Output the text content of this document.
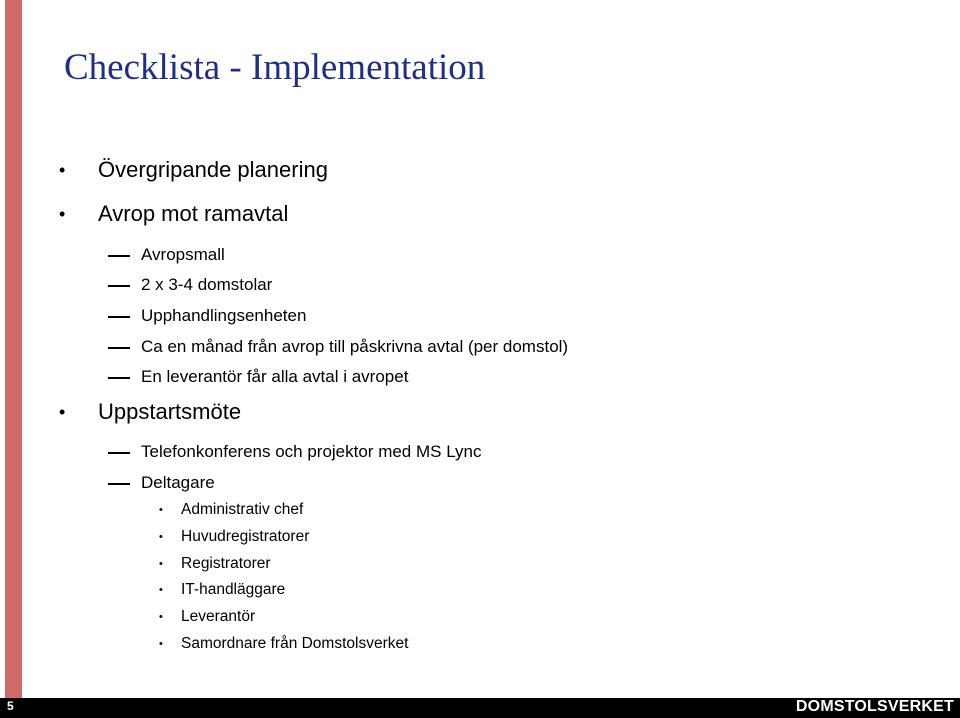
Checklista - Implementation
• Övergripande planering
• Avrop mot ramavtal
Avropsmall
2 x 3-4 domstolar
Upphandlingsenheten
Ca en månad från avrop till påskrivna avtal (per domstol)
En leverantör får alla avtal i avropet
• Uppstartsmöte
Telefonkonferens och projektor med MS Lync
Deltagare
• Administrativ chef
• Huvudregistratorer
• Registratorer
• IT-handläggare
• Leverantör
• Samordnare från Domstolsverket
5	DOMSTOLSVERKET
